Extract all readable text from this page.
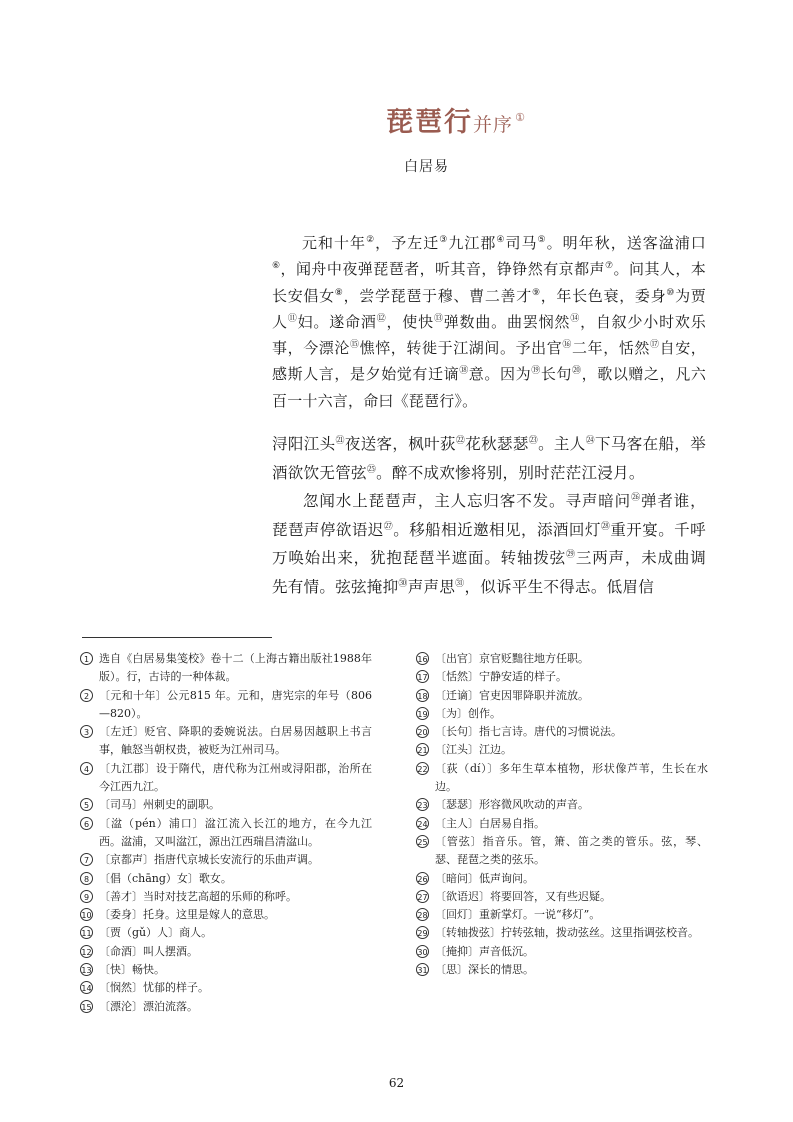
琵琶行并序 ①
白居易

元和十年②，予左迁③九江郡④司马⑤。明年秋，送客湓浦口⑥，闻舟中夜弹琵琶者，听其音，铮铮然有京都声⑦。问其人，本长安倡女⑧，尝学琵琶于穆、曹二善才⑨，年长色衰，委身⑩为贾人⑪妇。遂命酒⑫，使快⑬弹数曲。曲罢悯然⑭，自叙少小时欢乐事，今漂沦⑮憔悴，转徙于江湖间。予出官⑯二年，恬然⑰自安，感斯人言，是夕始觉有迁谪⑱意。因为⑲长句⑳，歌以赠之，凡六百一十六言，命曰《琵琶行》。

浔阳江头$^㉑$夜送客，枫叶荻$^㉒$花秋瑟瑟$^㉓$。主人$^㉔$下马客在船，举酒欲饮无管弦$^㉕$。醉不成欢惨将别，别时茫茫江浸月。

忽闻水上琵琶声，主人忘归客不发。寻声暗问$^㉖$弹者谁，琵琶声停欲语迟$^㉗$。移船相近邀相见，添酒回灯$^㉘$重开宴。千呼万唤始出来，犹抱琵琶半遮面。转轴拨弦$^㉙$三两声，未成曲调先有情。弦弦掩抑$^㉚$声声思$^㉛$，似诉平生不得志。低眉信

1 选自《白居易集笺校》卷十二（上海古籍出版社1988年版）。行，古诗的一种体裁。
2 〔元和十年〕公元815 年。元和，唐宪宗的年号（806—820）。
3 〔左迁〕贬官、降职的委婉说法。白居易因越职上书言事，触怒当朝权贵，被贬为江州司马。
4 〔九江郡〕设于隋代，唐代称为江州或浔阳郡，治所在今江西九江。
5 〔司马〕州刺史的副职。
6 〔湓（pén）浦口〕湓江流入长江的地方，在今九江西。湓浦，又叫湓江，源出江西瑞昌清湓山。
7 〔京都声〕指唐代京城长安流行的乐曲声调。
8 〔倡（chāng）女〕歌女。
9 〔善才〕当时对技艺高超的乐师的称呼。
10 〔委身〕托身。这里是嫁人的意思。
11 〔贾（gǔ）人〕商人。
12 〔命酒〕叫人摆酒。
13 〔快〕畅快。
14 〔悯然〕忧郁的样子。
15 〔漂沦〕漂泊流落。
16 〔出官〕京官贬黜往地方任职。
17 〔恬然〕宁静安适的样子。
18 〔迁谪〕官吏因罪降职并流放。
19 〔为〕创作。
20 〔长句〕指七言诗。唐代的习惯说法。
21 〔江头〕江边。
22 〔荻（dí）〕多年生草本植物，形状像芦苇，生长在水边。
23 〔瑟瑟〕形容微风吹动的声音。
24 〔主人〕白居易自指。
25 〔管弦〕指音乐。管，箫、笛之类的管乐。弦，琴、瑟、琵琶之类的弦乐。
26 〔暗问〕低声询问。
27 〔欲语迟〕将要回答，又有些迟疑。
28 〔回灯〕重新掌灯。一说“移灯”。
29 〔转轴拨弦〕拧转弦轴，拨动弦丝。这里指调弦校音。
30 〔掩抑〕声音低沉。
31 〔思〕深长的情思。
62
